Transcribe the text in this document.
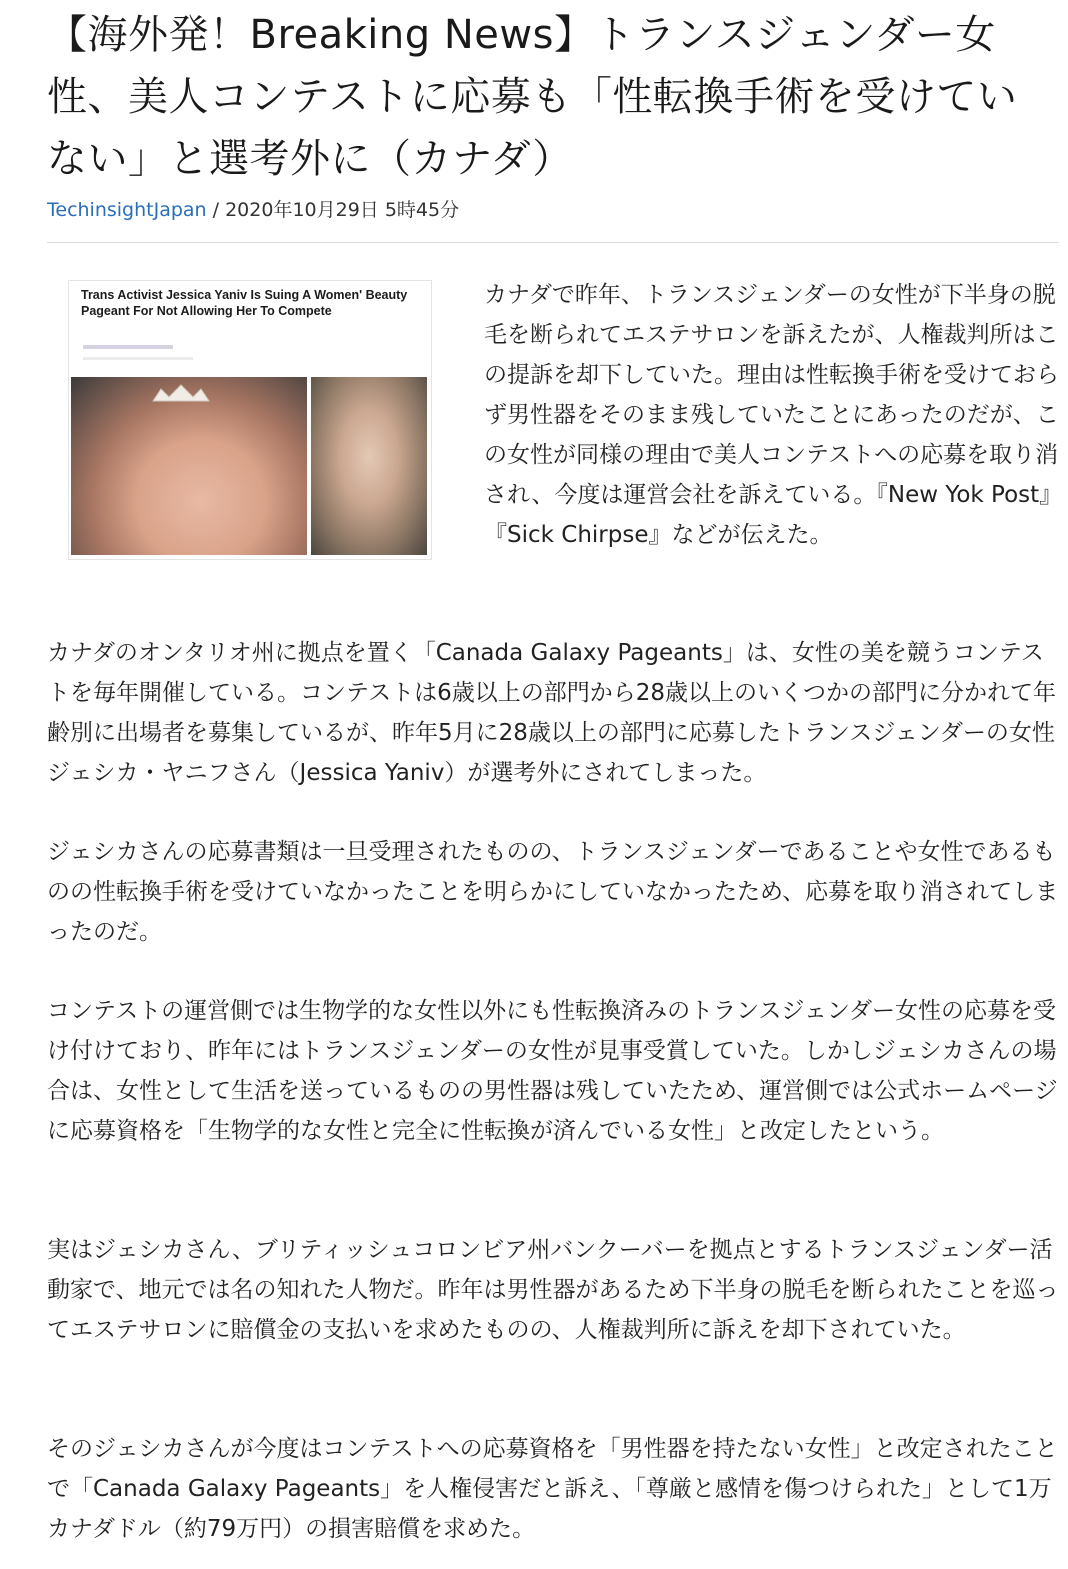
【海外発！Breaking News】トランスジェンダー女性、美人コンテストに応募も「性転換手術を受けていない」と選考外に（カナダ）
TechinsightJapan / 2020年10月29日 5時45分
Trans Activist Jessica Yaniv Is Suing A Women' Beauty Pageant For Not Allowing Her To Compete

カナダで昨年、トランスジェンダーの女性が下半身の脱毛を断られてエステサロンを訴えたが、人権裁判所はこの提訴を却下していた。理由は性転換手術を受けておらず男性器をそのまま残していたことにあったのだが、この女性が同様の理由で美人コンテストへの応募を取り消され、今度は運営会社を訴えている。『New Yok Post』『Sick Chirpse』などが伝えた。

カナダのオンタリオ州に拠点を置く「Canada Galaxy Pageants」は、女性の美を競うコンテストを毎年開催している。コンテストは6歳以上の部門から28歳以上のいくつかの部門に分かれて年齢別に出場者を募集しているが、昨年5月に28歳以上の部門に応募したトランスジェンダーの女性ジェシカ・ヤニフさん（Jessica Yaniv）が選考外にされてしまった。

ジェシカさんの応募書類は一旦受理されたものの、トランスジェンダーであることや女性であるものの性転換手術を受けていなかったことを明らかにしていなかったため、応募を取り消されてしまったのだ。

コンテストの運営側では生物学的な女性以外にも性転換済みのトランスジェンダー女性の応募を受け付けており、昨年にはトランスジェンダーの女性が見事受賞していた。しかしジェシカさんの場合は、女性として生活を送っているものの男性器は残していたため、運営側では公式ホームページに応募資格を「生物学的な女性と完全に性転換が済んでいる女性」と改定したという。

実はジェシカさん、ブリティッシュコロンビア州バンクーバーを拠点とするトランスジェンダー活動家で、地元では名の知れた人物だ。昨年は男性器があるため下半身の脱毛を断られたことを巡ってエステサロンに賠償金の支払いを求めたものの、人権裁判所に訴えを却下されていた。

そのジェシカさんが今度はコンテストへの応募資格を「男性器を持たない女性」と改定されたことで「Canada Galaxy Pageants」を人権侵害だと訴え、「尊厳と感情を傷つけられた」として1万カナダドル（約79万円）の損害賠償を求めた。
